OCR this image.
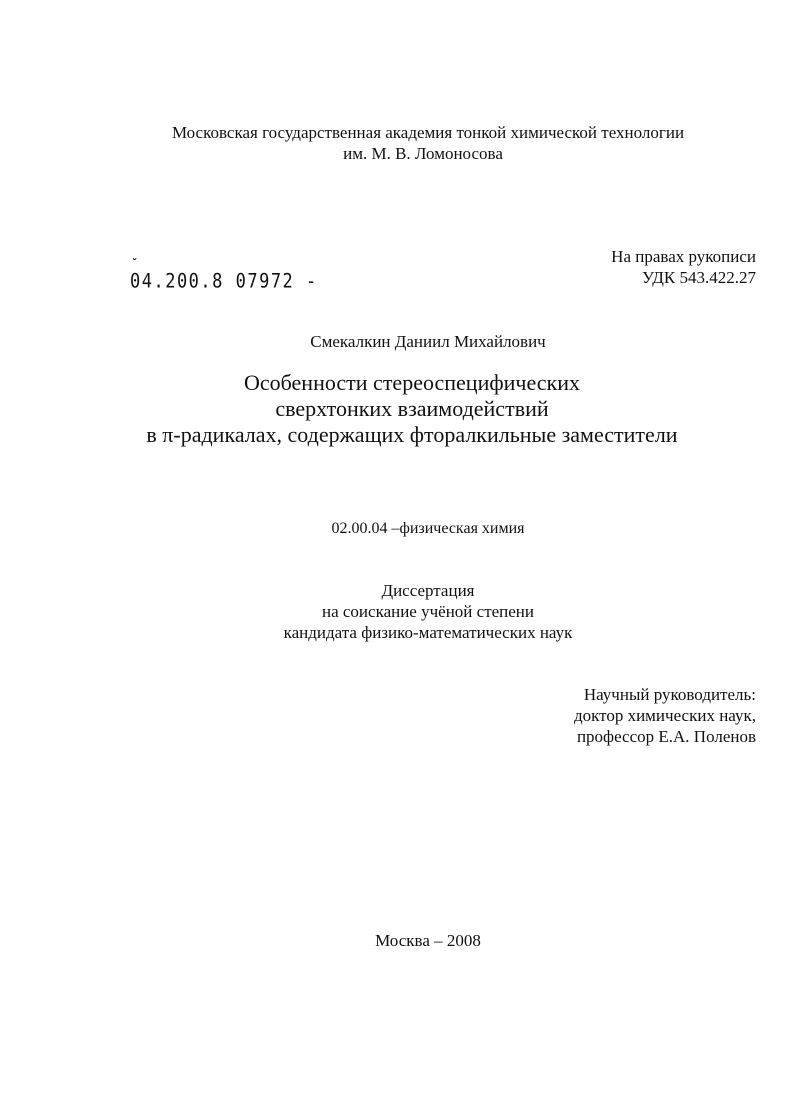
Московская государственная академия тонкой химической технологии
им. М. В. Ломоносова
˘ 04.200.8 07972 -
На правах рукописи
УДК 543.422.27
Смекалкин Даниил Михайлович
Особенности стереоспецифических
сверхтонких взаимодействий
в π-радикалах, содержащих фторалкильные заместители
02.00.04 –физическая химия
Диссертация
на соискание учёной степени
кандидата физико-математических наук
Научный руководитель:
доктор химических наук,
профессор Е.А. Поленов
Москва – 2008
